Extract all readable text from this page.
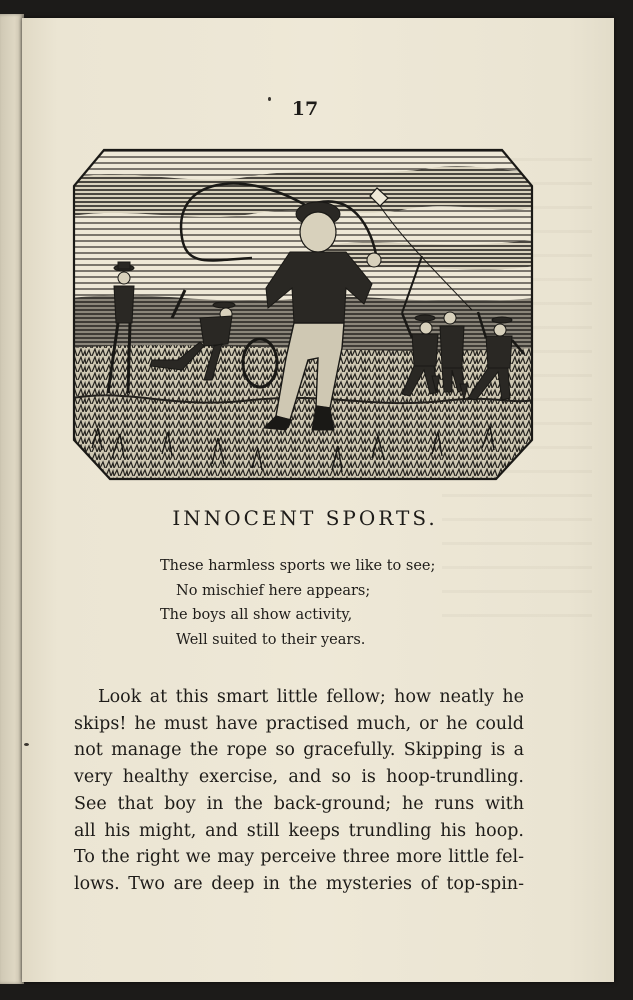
17
INNOCENT SPORTS.
These harmless sports we like to see;
No mischief here appears;
The boys all show activity,
Well suited to their years.
Look at this smart little fellow; how neatly he
skips! he must have practised much, or he could
not manage the rope so gracefully. Skipping is a
very healthy exercise, and so is hoop-trundling.
See that boy in the back-ground; he runs with
all his might, and still keeps trundling his hoop.
To the right we may perceive three more little fel-
lows. Two are deep in the mysteries of top-spin-
